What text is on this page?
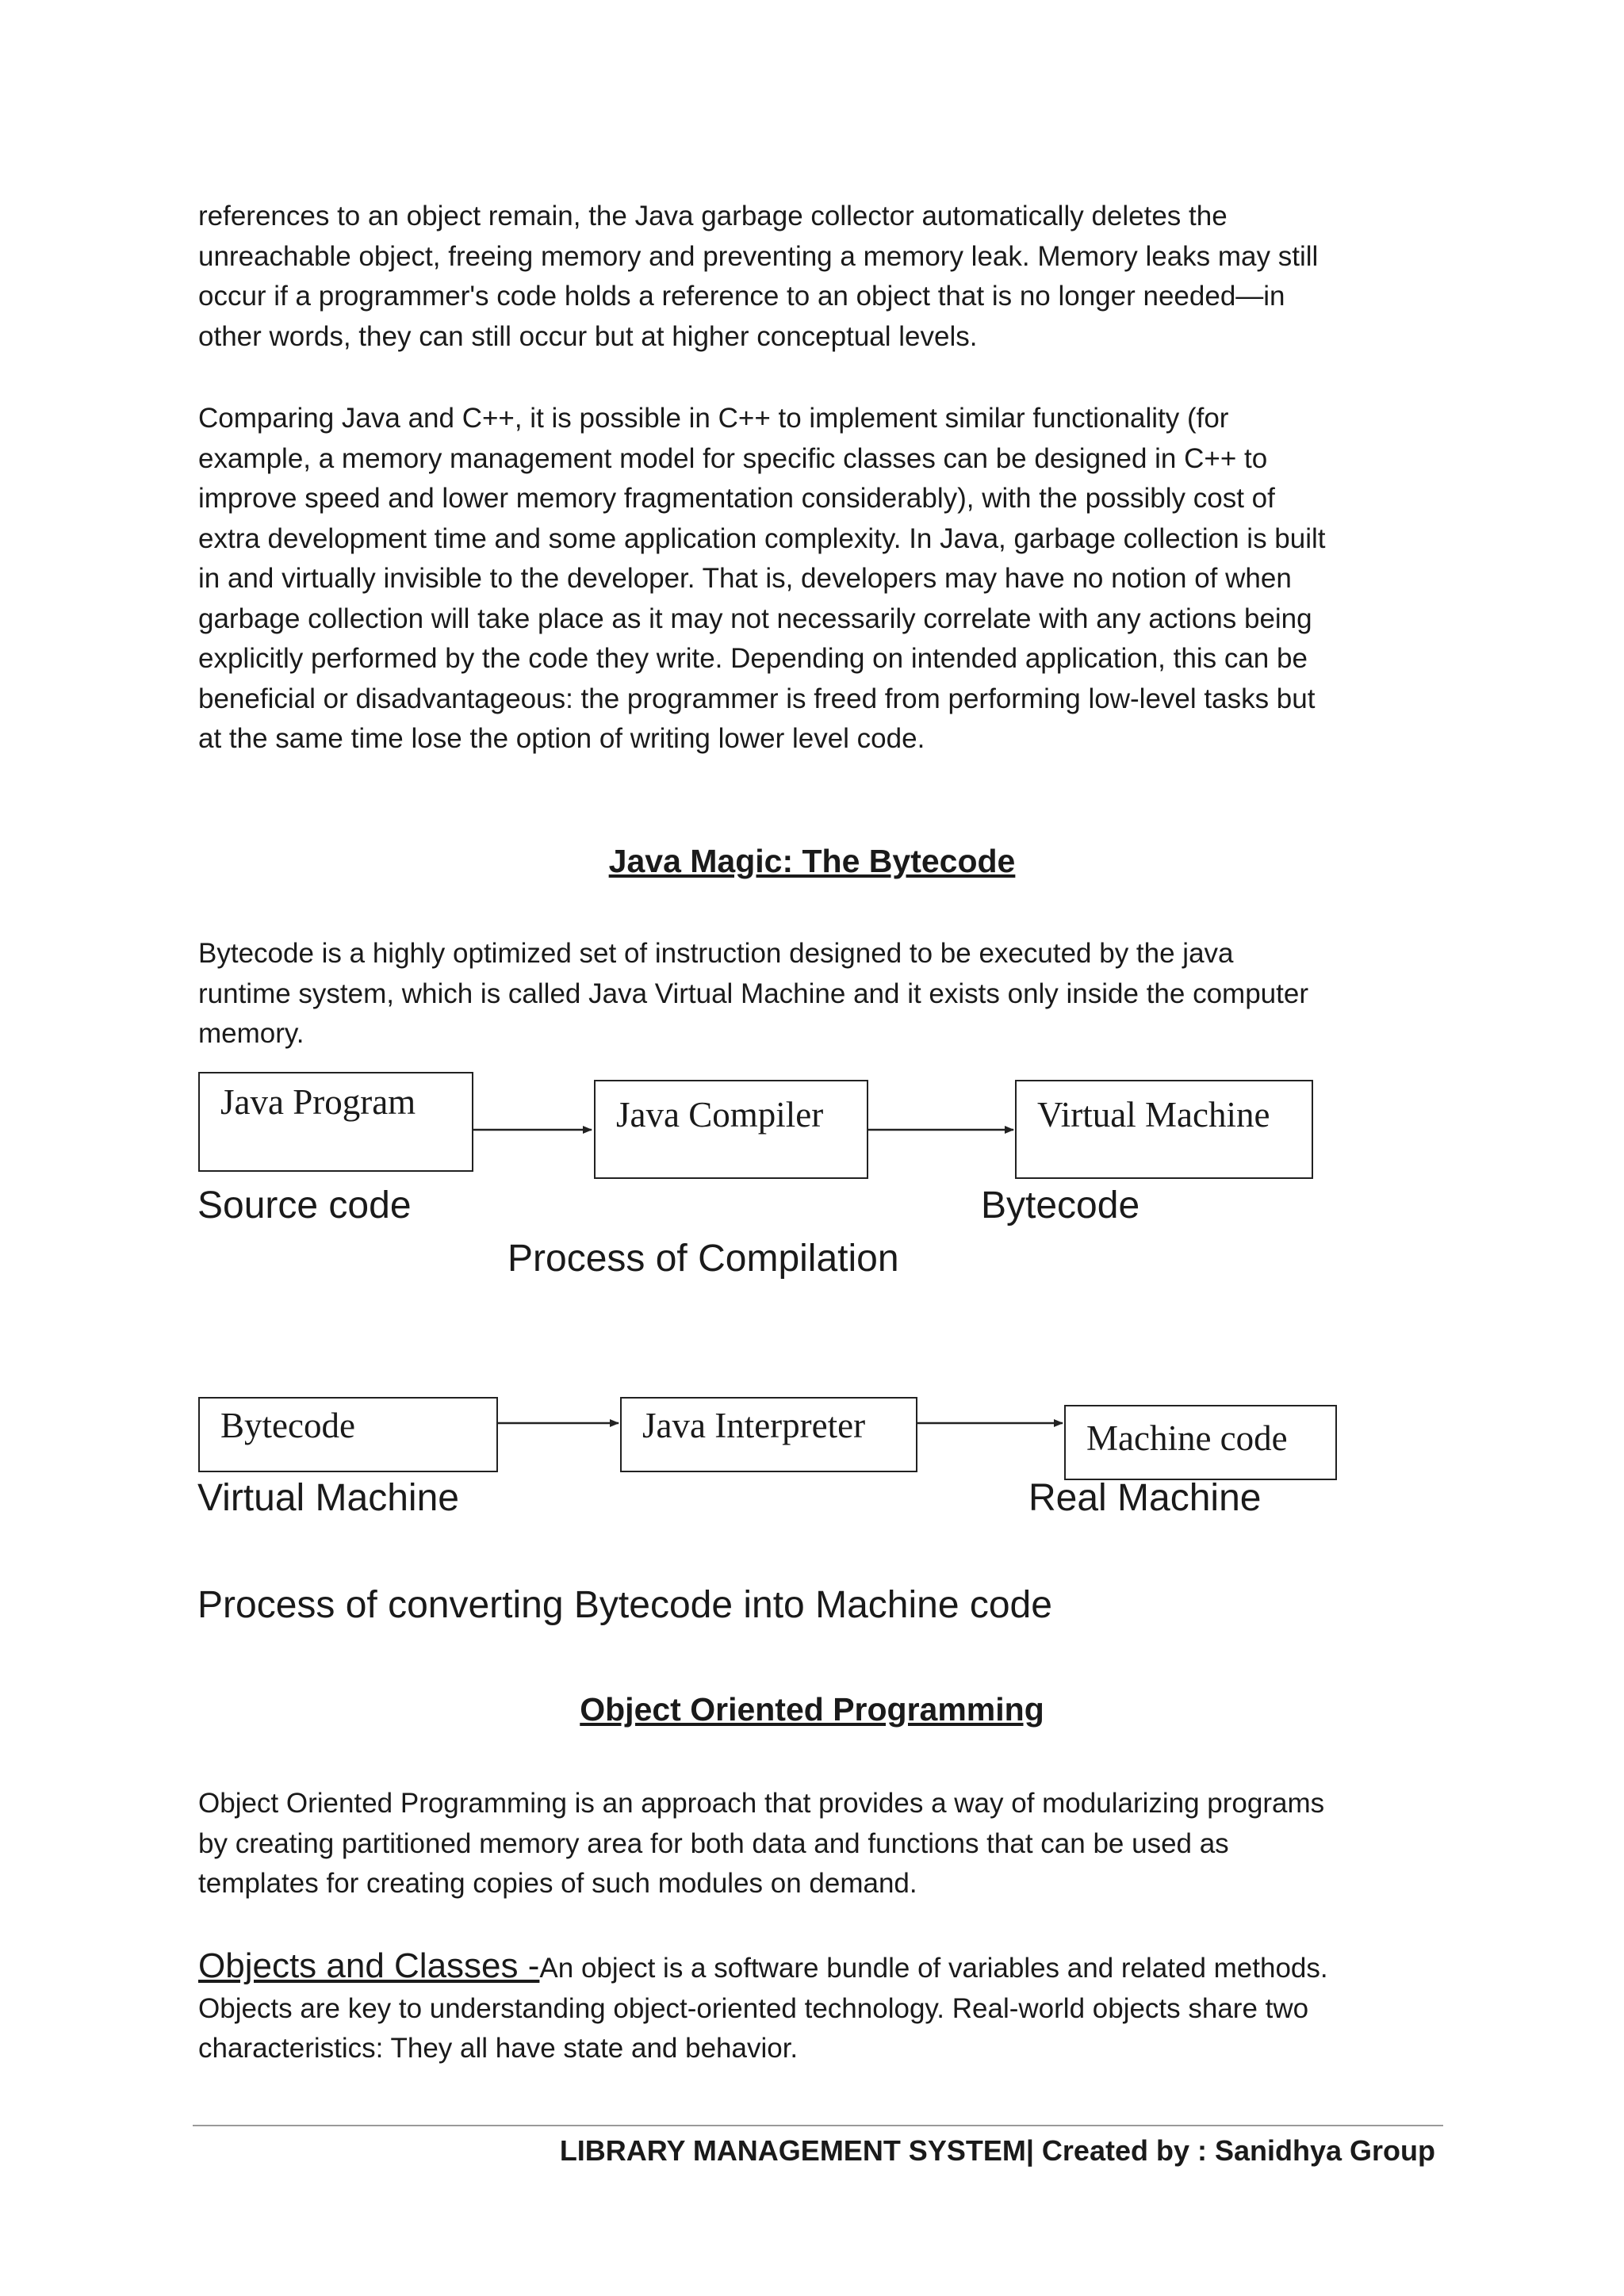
references to an object remain, the Java garbage collector automatically deletes the
unreachable object, freeing memory and preventing a memory leak. Memory leaks may still
occur if a programmer's code holds a reference to an object that is no longer needed—in
other words, they can still occur but at higher conceptual levels.
Comparing Java and C++, it is possible in C++ to implement similar functionality (for
example, a memory management model for specific classes can be designed in C++ to
improve speed and lower memory fragmentation considerably), with the possibly cost of
extra development time and some application complexity. In Java, garbage collection is built
in and virtually invisible to the developer. That is, developers may have no notion of when
garbage collection will take place as it may not necessarily correlate with any actions being
explicitly performed by the code they write. Depending on intended application, this can be
beneficial or disadvantageous: the programmer is freed from performing low-level tasks but
at the same time lose the option of writing lower level code.
Java Magic: The Bytecode
Bytecode is a highly optimized set of instruction designed to be executed by the java
runtime system, which is called Java Virtual Machine and it exists only inside the computer
memory.
Java Program	Java Compiler	Virtual Machine
Source code	Bytecode
Process of Compilation
Bytecode	Java Interpreter	Machine code
Virtual Machine	Real Machine
Process of converting Bytecode into Machine code
Object Oriented Programming
Object Oriented Programming is an approach that provides a way of modularizing programs
by creating partitioned memory area for both data and functions that can be used as
templates for creating copies of such modules on demand.
Objects and Classes -An object is a software bundle of variables and related methods.
Objects are key to understanding object-oriented technology. Real-world objects share two
characteristics: They all have state and behavior.
LIBRARY MANAGEMENT SYSTEM| Created by : Sanidhya Group
